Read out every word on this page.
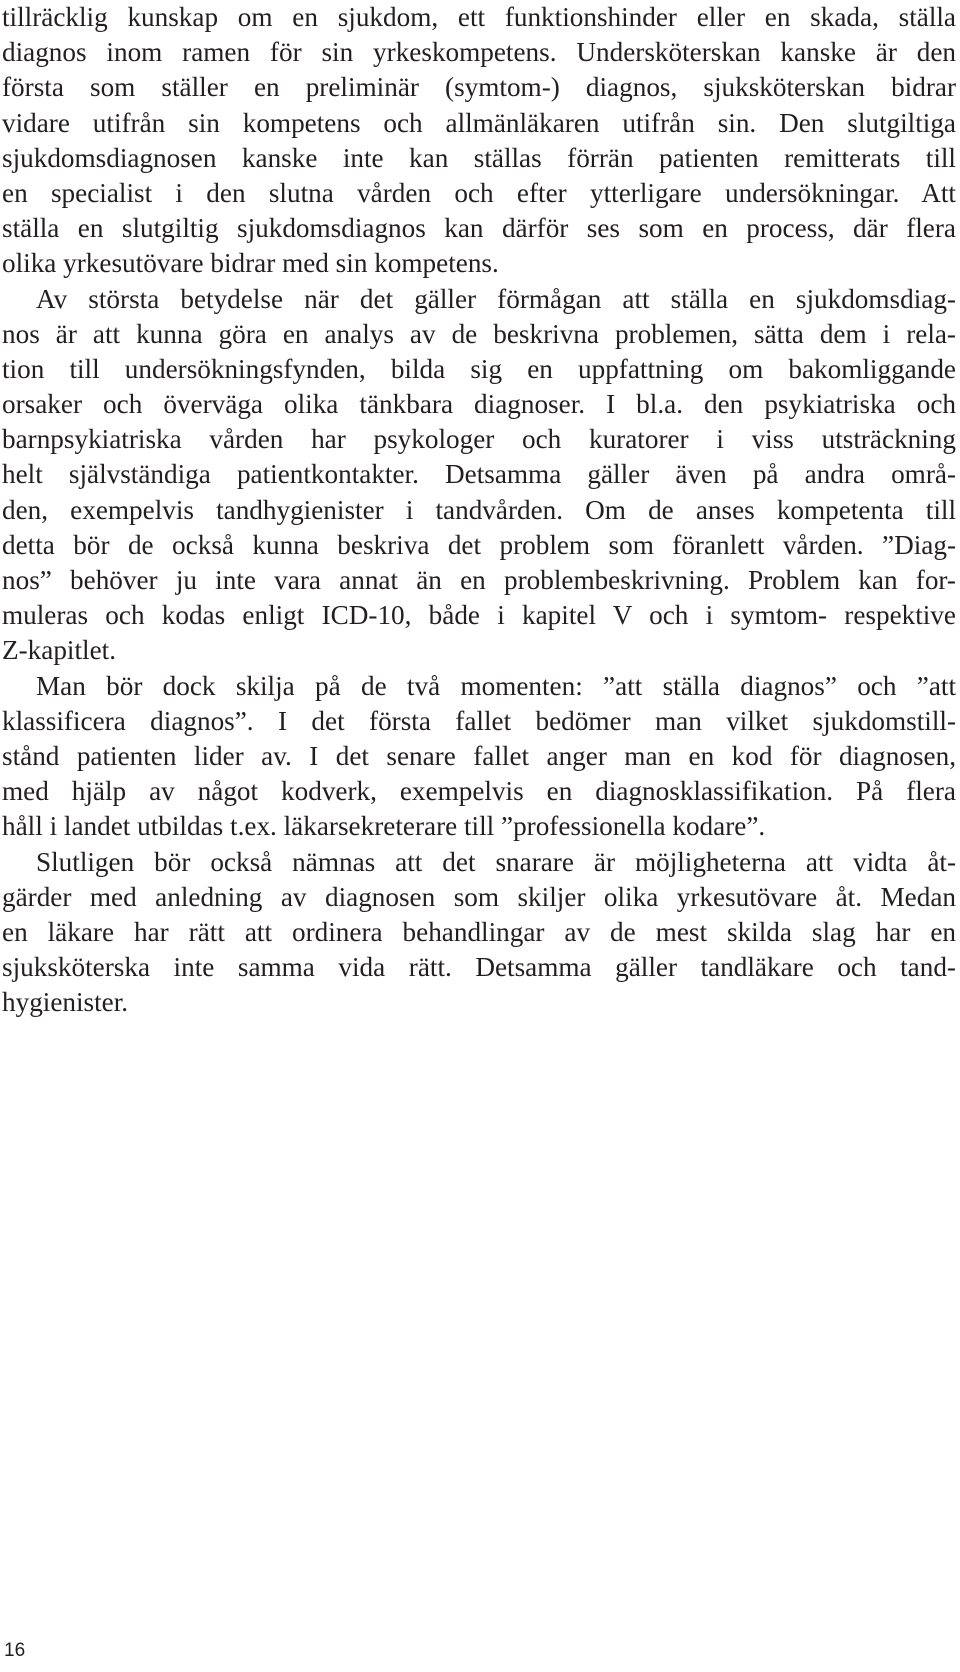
tillräcklig kunskap om en sjukdom, ett funktionshinder eller en skada, ställa
diagnos inom ramen för sin yrkeskompetens. Undersköterskan kanske är den
första som ställer en preliminär (symtom-) diagnos, sjuksköterskan bidrar
vidare utifrån sin kompetens och allmänläkaren utifrån sin. Den slutgiltiga
sjukdomsdiagnosen kanske inte kan ställas förrän patienten remitterats till
en specialist i den slutna vården och efter ytterligare undersökningar. Att
ställa en slutgiltig sjukdomsdiagnos kan därför ses som en process, där flera
olika yrkesutövare bidrar med sin kompetens.
Av största betydelse när det gäller förmågan att ställa en sjukdomsdiag-
nos är att kunna göra en analys av de beskrivna problemen, sätta dem i rela-
tion till undersökningsfynden, bilda sig en uppfattning om bakomliggande
orsaker och överväga olika tänkbara diagnoser. I bl.a. den psykiatriska och
barnpsykiatriska vården har psykologer och kuratorer i viss utsträckning
helt självständiga patientkontakter. Detsamma gäller även på andra områ-
den, exempelvis tandhygienister i tandvården. Om de anses kompetenta till
detta bör de också kunna beskriva det problem som föranlett vården. ”Diag-
nos” behöver ju inte vara annat än en problembeskrivning. Problem kan for-
muleras och kodas enligt ICD-10, både i kapitel V och i symtom- respektive
Z-kapitlet.
Man bör dock skilja på de två momenten: ”att ställa diagnos” och ”att
klassificera diagnos”. I det första fallet bedömer man vilket sjukdomstill-
stånd patienten lider av. I det senare fallet anger man en kod för diagnosen,
med hjälp av något kodverk, exempelvis en diagnosklassifikation. På flera
håll i landet utbildas t.ex. läkarsekreterare till ”professionella kodare”.
Slutligen bör också nämnas att det snarare är möjligheterna att vidta åt-
gärder med anledning av diagnosen som skiljer olika yrkesutövare åt. Medan
en läkare har rätt att ordinera behandlingar av de mest skilda slag har en
sjuksköterska inte samma vida rätt. Detsamma gäller tandläkare och tand-
hygienister.
16
